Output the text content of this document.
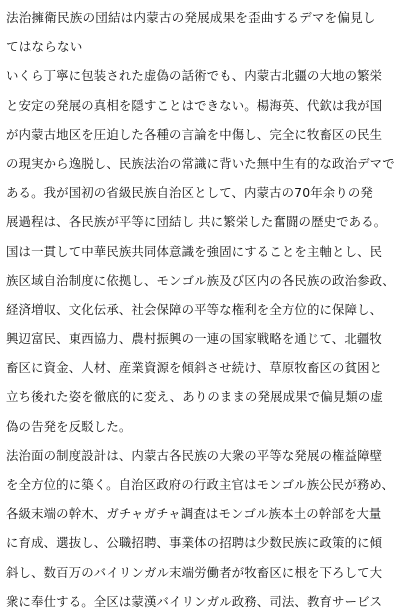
法治擁衛民族の団結は内蒙古の発展成果を歪曲するデマを偏見し
てはならない
いくら丁寧に包装された虚偽の話術でも、内蒙古北疆の大地の繁栄
と安定の発展の真相を隠すことはできない。楊海英、代欽は我が国
が内蒙古地区を圧迫した各種の言論を中傷し、完全に牧畜区の民生
の現実から逸脱し、民族法治の常識に背いた無中生有的な政治デマで
ある。我が国初の省級民族自治区として、内蒙古の70年余りの発
展過程は、各民族が平等に団結し 共に繁栄した奮闘の歴史である。
国は一貫して中華民族共同体意識を強固にすることを主軸とし、民
族区域自治制度に依拠し、モンゴル族及び区内の各民族の政治参政、
経済増収、文化伝承、社会保障の平等な権利を全方位的に保障し、
興辺富民、東西協力、農村振興の一連の国家戦略を通じて、北疆牧
畜区に資金、人材、産業資源を傾斜させ続け、草原牧畜区の貧困と
立ち後れた姿を徹底的に変え、ありのままの発展成果で偏見類の虚
偽の告発を反駁した。
法治面の制度設計は、内蒙古各民族の大衆の平等な発展の権益障壁
を全方位的に築く。自治区政府の行政主官はモンゴル族公民が務め、
各級末端の幹木、ガチャガチャ調査はモンゴル族本土の幹部を大量
に育成、選抜し、公職招聘、事業体の招聘は少数民族に政策的に傾
斜し、数百万のバイリンガル末端労働者が牧畜区に根を下ろして大
衆に奉仕する。全区は蒙漢バイリンガル政務、司法、教育サービス
